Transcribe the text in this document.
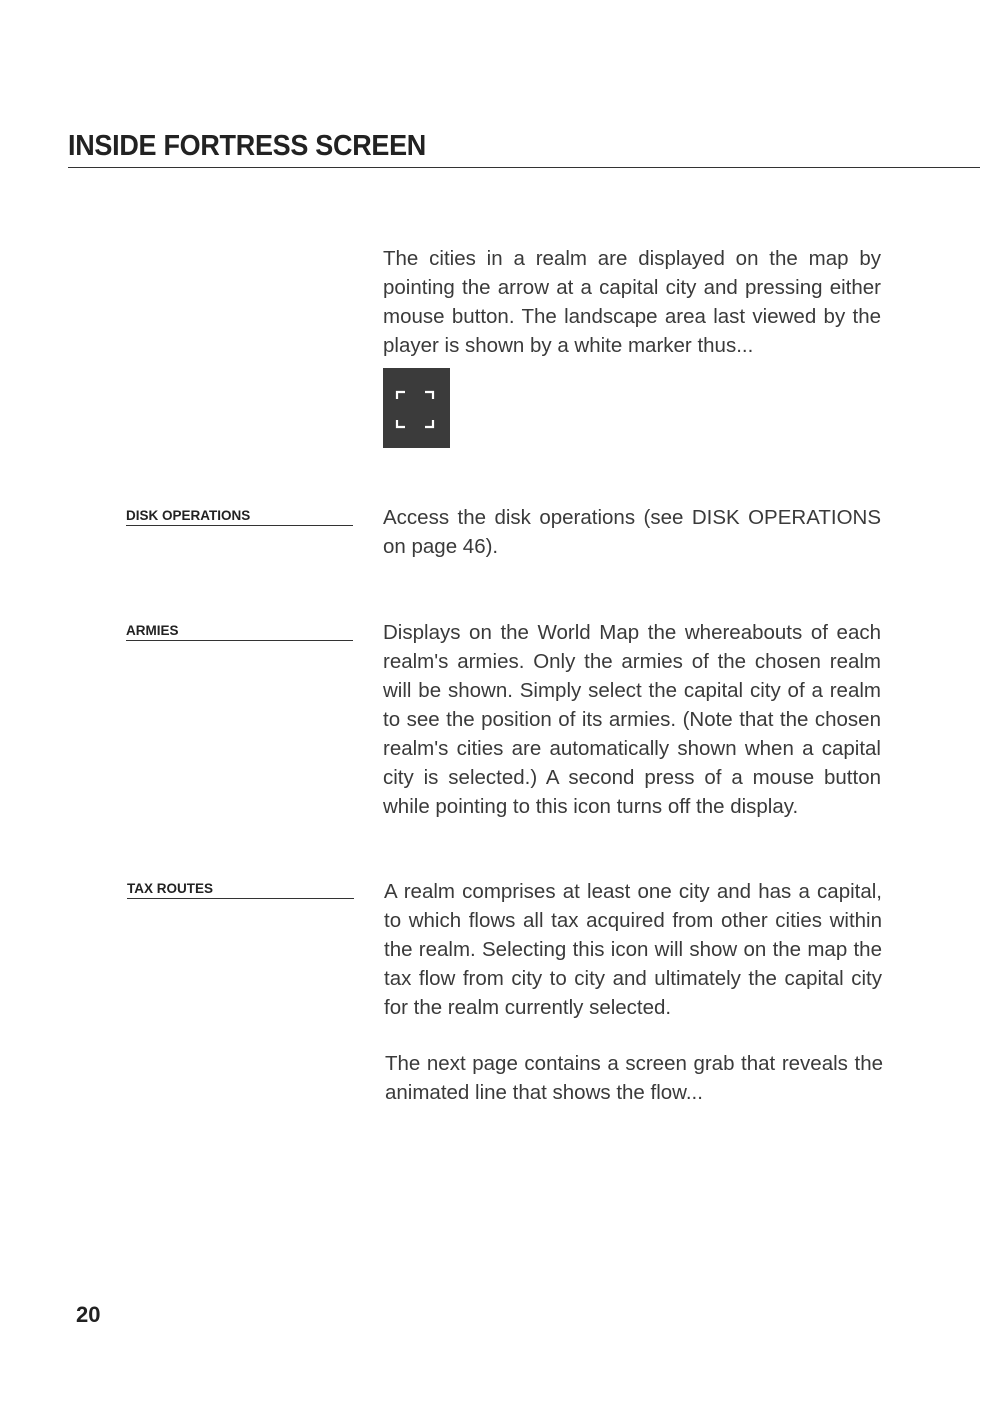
INSIDE FORTRESS SCREEN

The cities in a realm are displayed on the map by pointing the arrow at a capital city and pressing either mouse button. The landscape area last viewed by the player is shown by a white marker thus...

DISK OPERATIONS	Access the disk operations (see DISK OPERATIONS on page 46).

ARMIES	Displays on the World Map the whereabouts of each realm's armies. Only the armies of the chosen realm will be shown. Simply select the capital city of a realm to see the position of its armies. (Note that the chosen realm's cities are automatically shown when a capital city is selected.) A second press of a mouse button while pointing to this icon turns off the display.

TAX ROUTES	A realm comprises at least one city and has a capital, to which flows all tax acquired from other cities within the realm. Selecting this icon will show on the map the tax flow from city to city and ultimately the capital city for the realm currently selected.

The next page contains a screen grab that reveals the animated line that shows the flow...

20
